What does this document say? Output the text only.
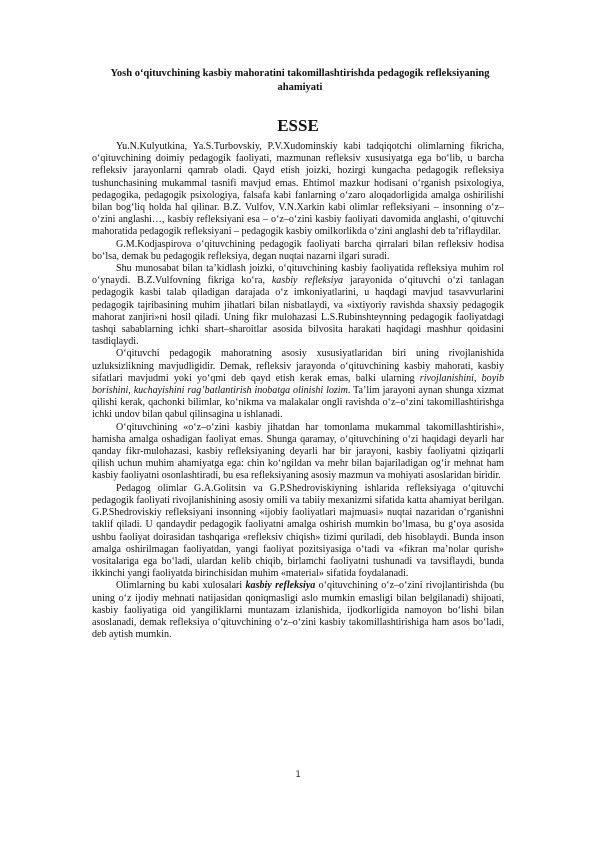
Yosh o‘qituvchining kasbiy mahoratini takomillashtirishda pedagogik refleksiyaning ahamiyati
ESSE

Yu.N.Kulyutkina, Ya.S.Turbovskiy, P.V.Xudominskiy kabi tadqiqotchi olimlarning fikricha, o‘qituvchining doimiy pedagogik faoliyati, mazmunan refleksiv xususiyatga ega bo‘lib, u barcha refleksiv jarayonlarni qamrab oladi. Qayd etish joizki, hozirgi kungacha pedagogik refleksiya tushunchasining mukammal tasnifi mavjud emas. Ehtimol mazkur hodisani o‘rganish psixologiya, pedagogika, pedagogik psixologiya, falsafa kabi fanlarning o‘zaro aloqadorligida amalga oshirilishi bilan bog‘liq holda hal qilinar. B.Z. Vulfov, V.N.Xarkin kabi olimlar refleksiyani – insonning o‘z–o‘zini anglashi…, kasbiy refleksiyani esa – o‘z–o‘zini kasbiy faoliyati davomida anglashi, o‘qituvchi mahoratida pedagogik refleksiyani – pedagogik kasbiy omilkorlikda o‘zini anglashi deb ta’riflaydilar.

G.M.Kodjaspirova o‘qituvchining pedagogik faoliyati barcha qirralari bilan refleksiv hodisa bo‘lsa, demak bu pedagogik refleksiya, degan nuqtai nazarni ilgari suradi.

Shu munosabat bilan ta’kidlash joizki, o‘qituvchining kasbiy faoliyatida refleksiya muhim rol o‘ynaydi. B.Z.Vulfovning fikriga ko‘ra, kasbiy refleksiya jarayonida o‘qituvchi o‘zi tanlagan pedagogik kasbi talab qiladigan darajada o‘z imkoniyatlarini, u haqdagi mavjud tasavvurlarini pedagogik tajribasining muhim jihatlari bilan nisbatlaydi, va «ixtiyoriy ravishda shaxsiy pedagogik mahorat zanjiri»ni hosil qiladi. Uning fikr mulohazasi L.S.Rubinshteynning pedagogik faoliyatdagi tashqi sabablarning ichki shart–sharoitlar asosida bilvosita harakati haqidagi mashhur qoidasini tasdiqlaydi.

O‘qituvchi pedagogik mahoratning asosiy xususiyatlaridan biri uning rivojlanishida uzluksizlikning mavjudligidir. Demak, refleksiv jarayonda o‘qituvchining kasbiy mahorati, kasbiy sifatlari mavjudmi yoki yo‘qmi deb qayd etish kerak emas, balki ularning rivojlanishini, boyib borishini, kuchayishini rag’batlantirish inobatga olinishi lozim. Ta’lim jarayoni aynan shunga xizmat qilishi kerak, qachonki bilimlar, ko‘nikma va malakalar ongli ravishda o‘z–o‘zini takomillashtirishga ichki undov bilan qabul qilinsagina u ishlanadi.

O‘qituvchining «o‘z–o‘zini kasbiy jihatdan har tomonlama mukammal takomillashtirishi», hamisha amalga oshadigan faoliyat emas. Shunga qaramay, o‘qituvchining o‘zi haqidagi deyarli har qanday fikr-mulohazasi, kasbiy refleksiyaning deyarli har bir jarayoni, kasbiy faoliyatni qiziqarli qilish uchun muhim ahamiyatga ega: chin ko‘ngildan va mehr bilan bajariladigan og‘ir mehnat ham kasbiy faoliyatni osonlashtiradi, bu esa refleksiyaning asosiy mazmun va mohiyati asoslaridan biridir.

Pedagog olimlar G.A.Golitsin va G.P.Shedroviskiyning ishlarida refleksiyaga o‘qituvchi pedagogik faoliyati rivojlanishining asosiy omili va tabiiy mexanizmi sifatida katta ahamiyat berilgan. G.P.Shedroviskiy refleksiyani insonning «ijobiy faoliyatlari majmuasi» nuqtai nazaridan o‘rganishni taklif qiladi. U qandaydir pedagogik faoliyatni amalga oshirish mumkin bo‘lmasa, bu g‘oya asosida ushbu faoliyat doirasidan tashqariga «refleksiv chiqish» tizimi quriladi, deb hisoblaydi. Bunda inson amalga oshirilmagan faoliyatdan, yangi faoliyat pozitsiyasiga o‘tadi va «fikran ma’nolar qurish» vositalariga ega bo‘ladi, ulardan kelib chiqib, birlamchi faoliyatni tushunadi va tavsiflaydi, bunda ikkinchi yangi faoliyatda birinchisidan muhim «material» sifatida foydalanadi.

Olimlarning bu kabi xulosalari kasbiy refleksiya o‘qituvchining o‘z–o‘zini rivojlantirishda (bu uning o‘z ijodiy mehnati natijasidan qoniqmasligi aslo mumkin emasligi bilan belgilanadi) shijoati, kasbiy faoliyatiga oid yangiliklarni muntazam izlanishida, ijodkorligida namoyon bo‘lishi bilan asoslanadi, demak refleksiya o‘qituvchining o‘z–o‘zini kasbiy takomillashtirishiga ham asos bo‘ladi, deb aytish mumkin.

1
